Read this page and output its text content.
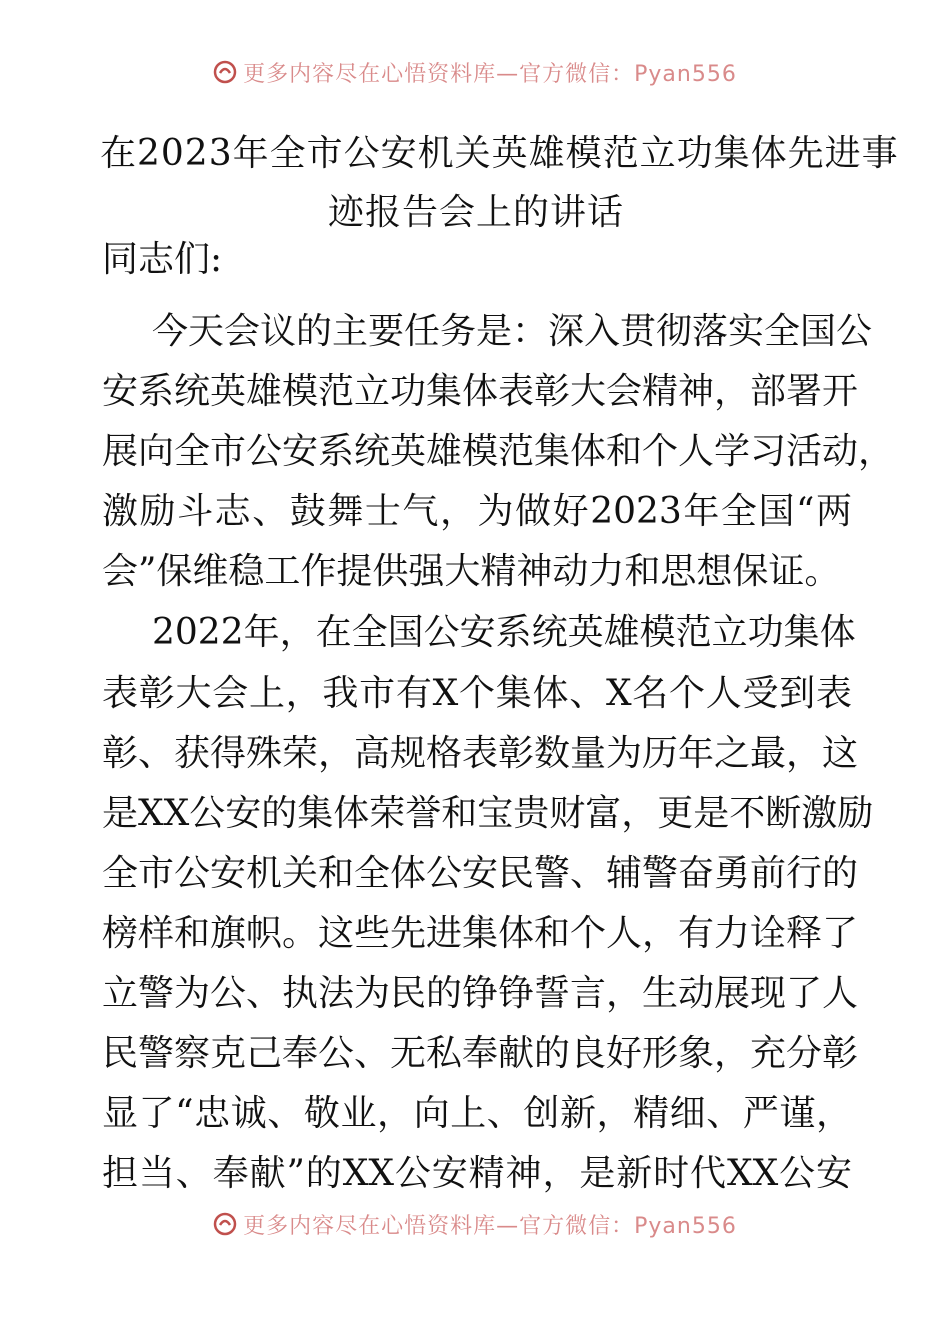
更多内容尽在心悟资料库—官方微信：Pyan556
在2023年全市公安机关英雄模范立功集体先进事
迹报告会上的讲话
同志们:
今天会议的主要任务是：深入贯彻落实全国公
安系统英雄模范立功集体表彰大会精神，部署开
展向全市公安系统英雄模范集体和个人学习活动，
激励斗志、鼓舞士气，为做好2023年全国“两
会”保维稳工作提供强大精神动力和思想保证。
2022年，在全国公安系统英雄模范立功集体
表彰大会上，我市有X个集体、X名个人受到表
彰、获得殊荣，高规格表彰数量为历年之最，这
是XX公安的集体荣誉和宝贵财富，更是不断激励
全市公安机关和全体公安民警、辅警奋勇前行的
榜样和旗帜。这些先进集体和个人，有力诠释了
立警为公、执法为民的铮铮誓言，生动展现了人
民警察克己奉公、无私奉献的良好形象，充分彰
显了“忠诚、敬业，向上、创新，精细、严谨，
担当、奉献”的XX公安精神，是新时代XX公安
更多内容尽在心悟资料库—官方微信：Pyan556
